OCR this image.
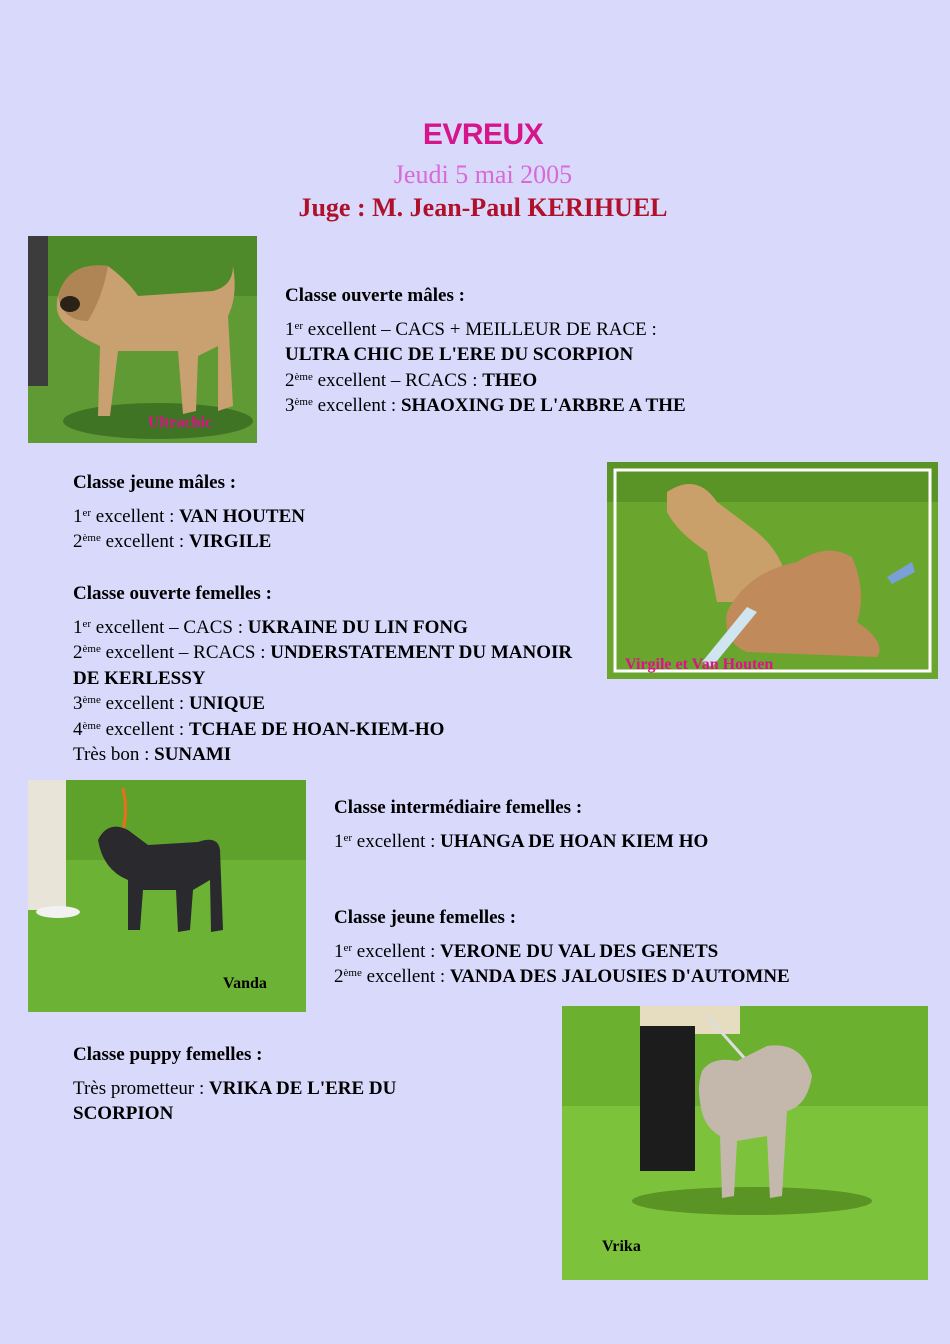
EVREUX
Jeudi 5 mai 2005
Juge : M. Jean-Paul KERIHUEL
Ultrachic
Classe ouverte mâles :
1er excellent – CACS + MEILLEUR DE RACE :
ULTRA CHIC DE L'ERE DU SCORPION
2ème excellent – RCACS : THEO
3ème excellent : SHAOXING DE L'ARBRE A THE
Classe jeune mâles :
1er excellent : VAN HOUTEN
2ème excellent : VIRGILE
Virgile et Van Houten
Classe ouverte femelles :
1er excellent – CACS : UKRAINE DU LIN FONG
2ème excellent – RCACS : UNDERSTATEMENT DU MANOIR DE KERLESSY
3ème excellent : UNIQUE
4ème excellent : TCHAE DE HOAN-KIEM-HO
Très bon : SUNAMI
Vanda
Classe intermédiaire femelles :
1er excellent : UHANGA DE HOAN KIEM HO
Classe jeune femelles :
1er excellent : VERONE DU VAL DES GENETS
2ème excellent : VANDA DES JALOUSIES D'AUTOMNE
Classe puppy femelles :
Très prometteur : VRIKA DE L'ERE DU SCORPION
Vrika
